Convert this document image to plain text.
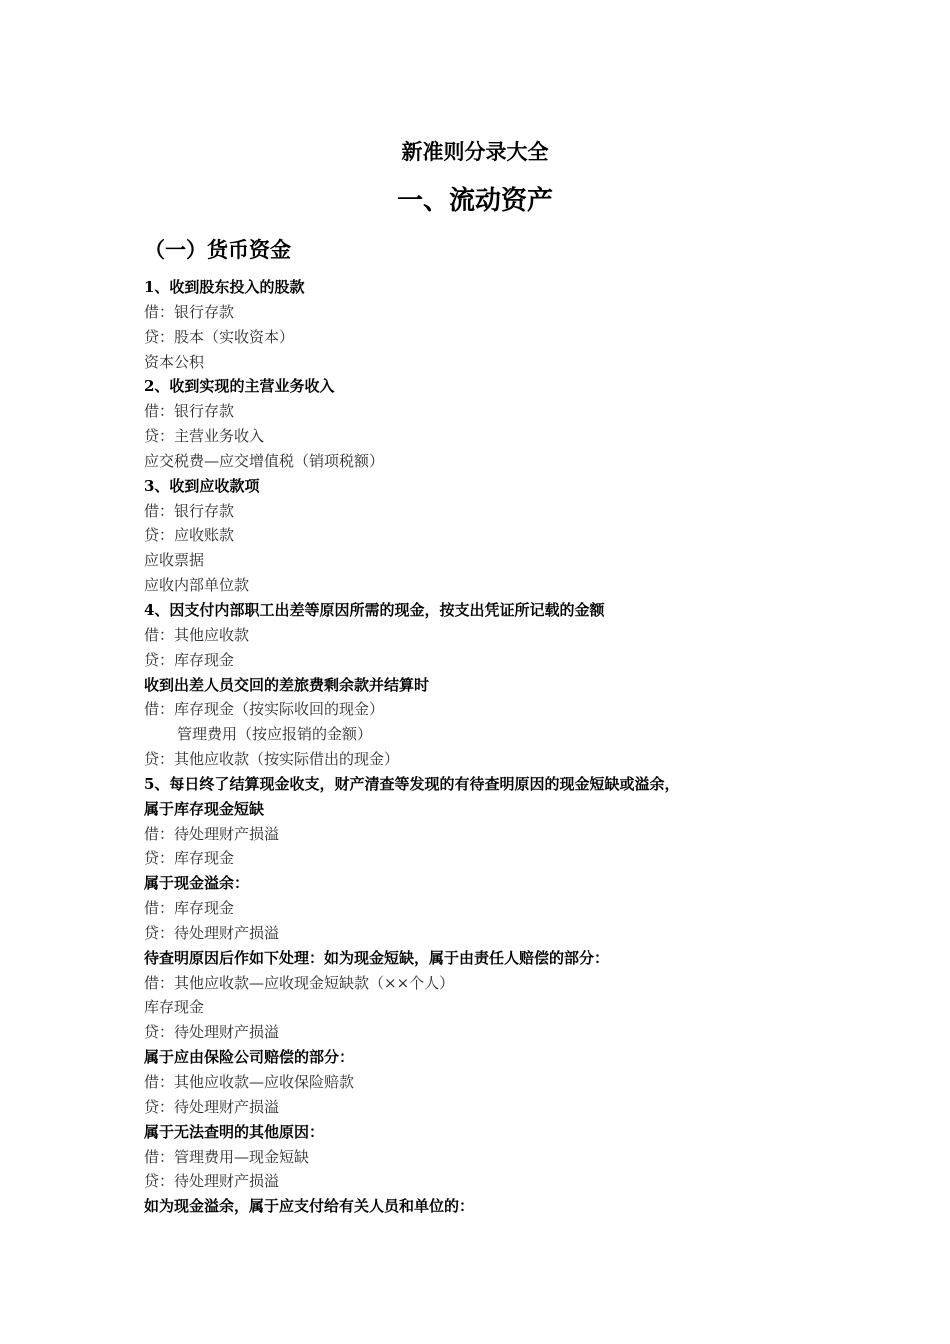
新准则分录大全
一、流动资产
（一）货币资金
1、收到股东投入的股款
借：银行存款
贷：股本（实收资本）
资本公积
2、收到实现的主营业务收入
借：银行存款
贷：主营业务收入
应交税费—应交增值税（销项税额）
3、收到应收款项
借：银行存款
贷：应收账款
应收票据
应收内部单位款
4、因支付内部职工出差等原因所需的现金，按支出凭证所记载的金额
借：其他应收款
贷：库存现金
收到出差人员交回的差旅费剩余款并结算时
借：库存现金（按实际收回的现金）
管理费用（按应报销的金额）
贷：其他应收款（按实际借出的现金）
5、每日终了结算现金收支，财产清查等发现的有待查明原因的现金短缺或溢余，
属于库存现金短缺
借：待处理财产损溢
贷：库存现金
属于现金溢余：
借：库存现金
贷：待处理财产损溢
待查明原因后作如下处理：如为现金短缺，属于由责任人赔偿的部分：
借：其他应收款—应收现金短缺款（××个人）
库存现金
贷：待处理财产损溢
属于应由保险公司赔偿的部分：
借：其他应收款—应收保险赔款
贷：待处理财产损溢
属于无法查明的其他原因：
借：管理费用—现金短缺
贷：待处理财产损溢
如为现金溢余，属于应支付给有关人员和单位的：
